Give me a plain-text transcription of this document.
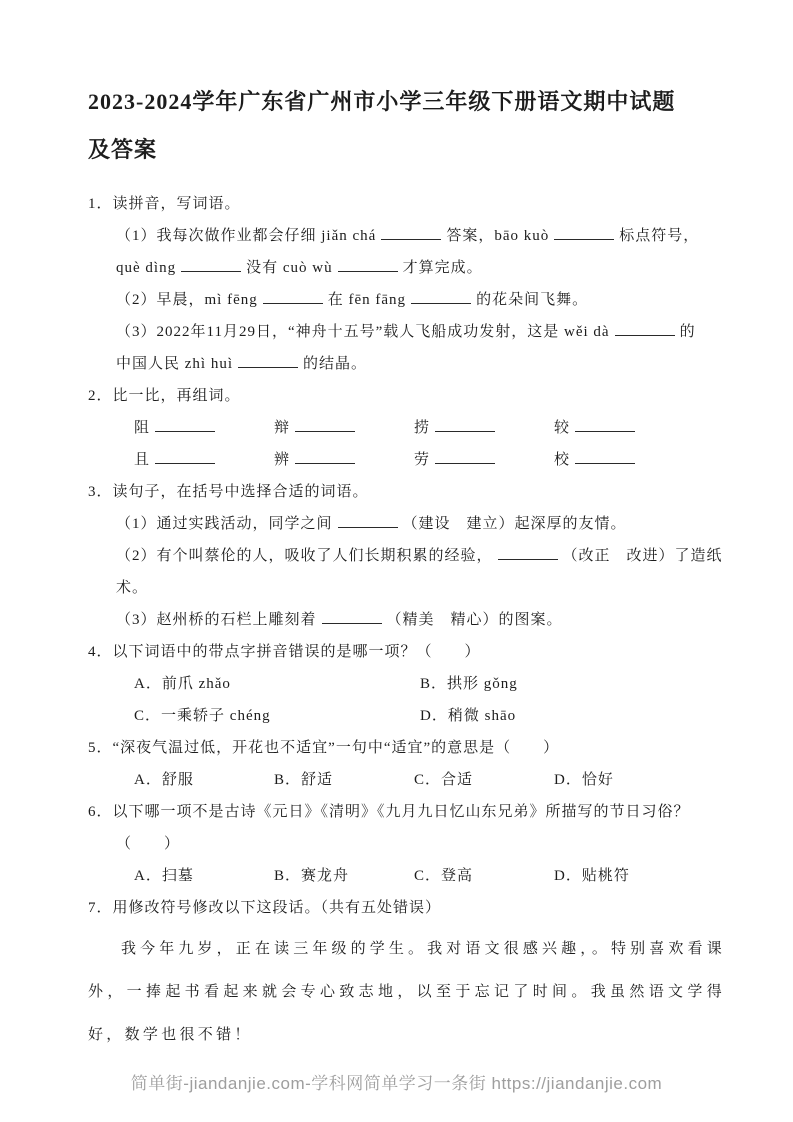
2023-2024学年广东省广州市小学三年级下册语文期中试题
及答案
1．读拼音，写词语。
（1）我每次做作业都会仔细 jiǎn chá	答案，bāo kuò	标点符号，
què dìng	没有 cuò wù	才算完成。
（2）早晨，mì fēng	在 fēn fāng	的花朵间飞舞。
（3）2022年11月29日，“神舟十五号”载人飞船成功发射，这是 wěi dà	的
中国人民 zhì huì	的结晶。
2．比一比，再组词。
阻	辩	捞	较
且	辨	劳	校
3．读句子，在括号中选择合适的词语。
（1）通过实践活动，同学之间	（建设　建立）起深厚的友情。
（2）有个叫蔡伦的人，吸收了人们长期积累的经验，	（改正　改进）了造纸
术。
（3）赵州桥的石栏上雕刻着	（精美　精心）的图案。
4．以下词语中的带点字拼音错误的是哪一项？（　　）
A．前爪 • zhǎo	B．拱 •形 gǒng
C．一乘 •轿子 chéng	D．稍 •微 shāo
5．“深夜气温过低，开花也不适宜”一句中“适宜”的意思是（　　）
A．舒服	B．舒适	C．合适	D．恰好
6．以下哪一项不是古诗《元日》《清明》《九月九日忆山东兄弟》所描写的节日习俗？
（　　）
A．扫墓	B．赛龙舟	C．登高	D．贴桃符
7．用修改符号修改以下这段话。（共有五处错误）
我今年九岁，正在读三年级的学生。我对语文很感兴趣，。特别喜欢看课外，一捧起书看起来就会专心致志地，以至于忘记了时间。我虽然语文学得好，数学也很不错！
简单街-jiandanjie.com-学科网简单学习一条街 https://jiandanjie.com
